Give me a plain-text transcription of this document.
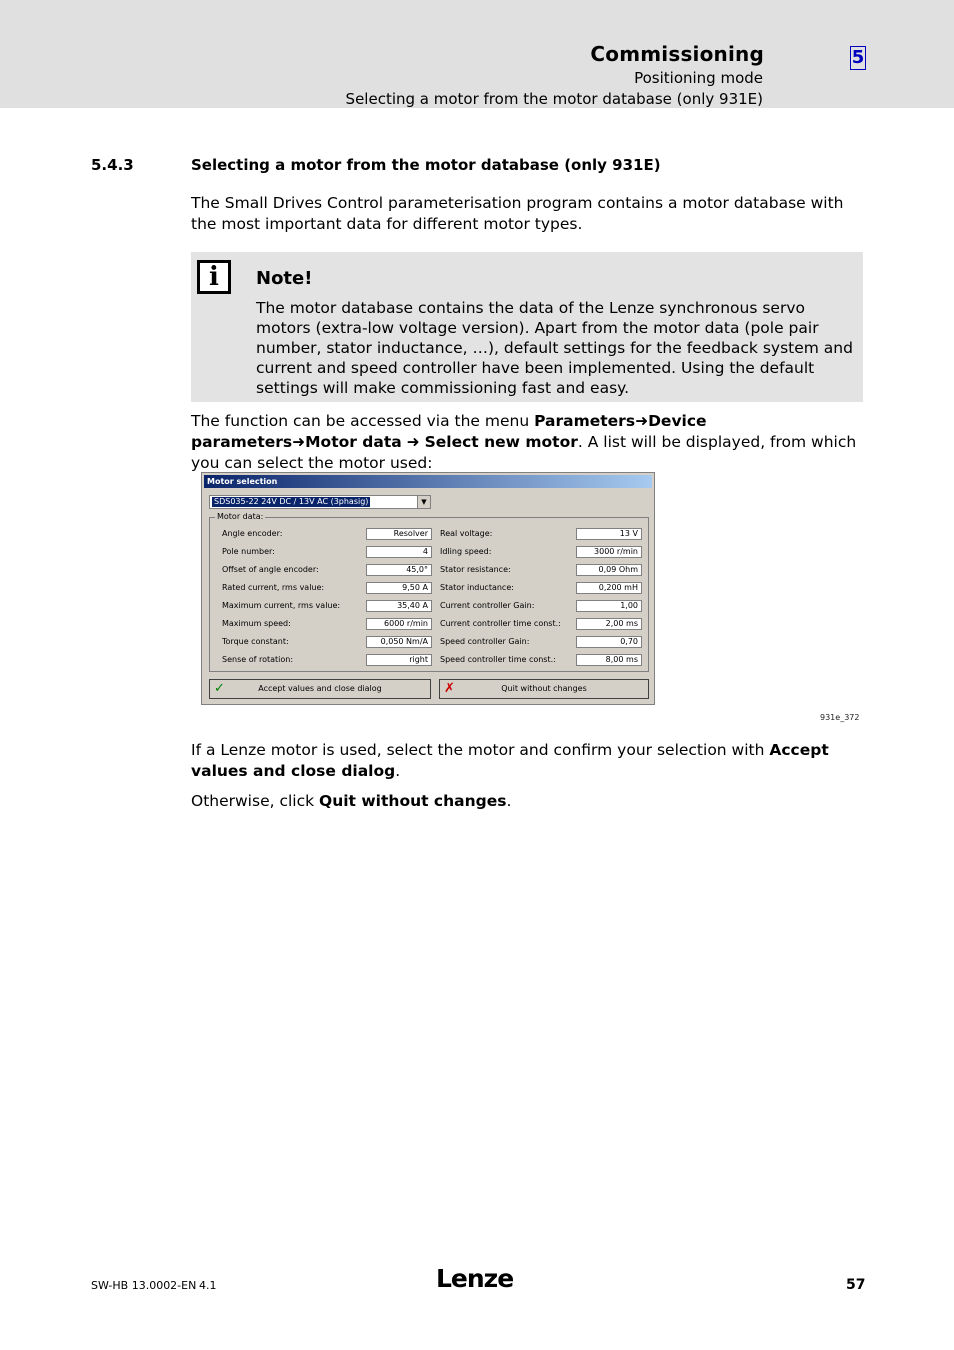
Commissioning
Positioning mode
Selecting a motor from the motor database (only 931E)
5
5.4.3	Selecting a motor from the motor database (only 931E)
The Small Drives Control parameterisation program contains a motor database with the most important data for different motor types.
i	Note!
The motor database contains the data of the Lenze synchronous servo motors (extra-low voltage version). Apart from the motor data (pole pair number, stator inductance, …), default settings for the feedback system and current and speed controller have been implemented. Using the default settings will make commissioning fast and easy.
The function can be accessed via the menu Parameters➜Device parameters➜Motor data ➜ Select new motor. A list will be displayed, from which you can select the motor used:
Motor selection
SDS035-22 24V DC / 13V AC (3phasig)	▼
Motor data:
Angle encoder:	Resolver
Pole number:	4
Offset of angle encoder:	45,0°
Rated current, rms value:	9,50 A
Maximum current, rms value:	35,40 A
Maximum speed:	6000 r/min
Torque constant:	0,050 Nm/A
Sense of rotation:	right
Real voltage:	13 V
Idling speed:	3000 r/min
Stator resistance:	0,09 Ohm
Stator inductance:	0,200 mH
Current controller Gain:	1,00
Current controller time const.:	2,00 ms
Speed controller Gain:	0,70
Speed controller time const.:	8,00 ms
✓	Accept values and close dialog	✗	Quit without changes
931e_372
If a Lenze motor is used, select the motor and confirm your selection with Accept values and close dialog.
Otherwise, click Quit without changes.
SW-HB 13.0002-EN 4.1	Lenze	57
